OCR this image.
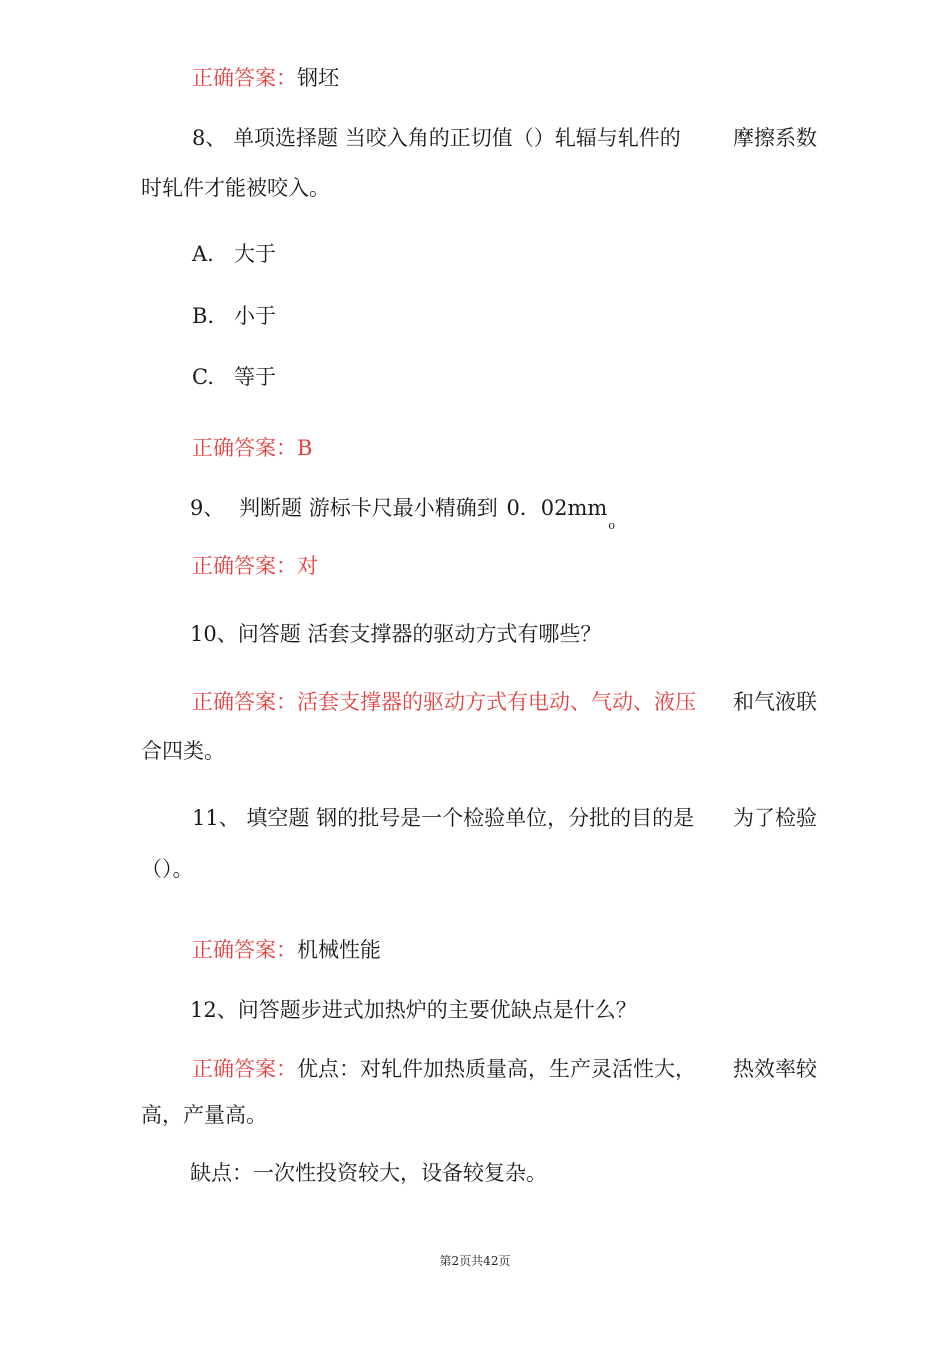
正确答案：钢坯
8、 单项选择题 当咬入角的正切值（）轧辐与轧件的 摩擦系数
时轧件才能被咬入。
A. 大于
B. 小于
C. 等于
正确答案：B
9、 判断题 游标卡尺最小精确到 0．$02mm_o$
正确答案：对
10、问答题 活套支撑器的驱动方式有哪些？
正确答案：活套支撑器的驱动方式有电动、气动、液压 和气液联
合四类。
11、 填空题 钢的批号是一个检验单位，分批的目的是 为了检验
（）。
正确答案：机械性能
12、问答题步进式加热炉的主要优缺点是什么？
正确答案：优点：对轧件加热质量高，生产灵活性大， 热效率较
高，产量高。
缺点：一次性投资较大，设备较复杂。
第2页共42页
